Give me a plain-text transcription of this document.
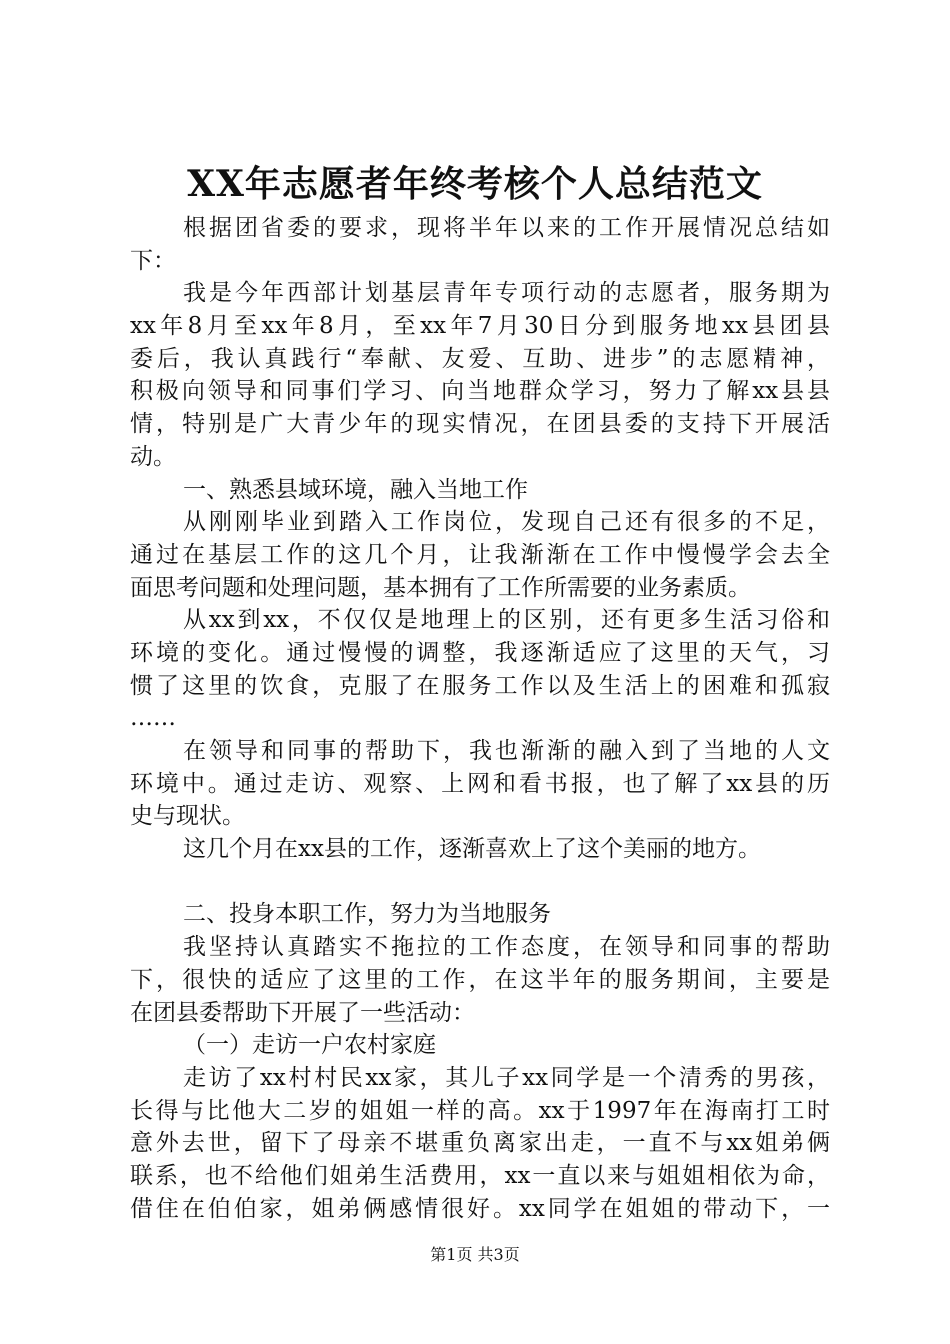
XX年志愿者年终考核个人总结范文
根据团省委的要求，现将半年以来的工作开展情况总结如
下：
我是今年西部计划基层青年专项行动的志愿者，服务期为
xx年8月至xx年8月，至xx年7月30日分到服务地xx县团县
委后，我认真践行“奉献、友爱、互助、进步”的志愿精神，
积极向领导和同事们学习、向当地群众学习，努力了解xx县县
情，特别是广大青少年的现实情况，在团县委的支持下开展活
动。
一、熟悉县域环境，融入当地工作
从刚刚毕业到踏入工作岗位，发现自己还有很多的不足，
通过在基层工作的这几个月，让我渐渐在工作中慢慢学会去全
面思考问题和处理问题，基本拥有了工作所需要的业务素质。
从xx到xx，不仅仅是地理上的区别，还有更多生活习俗和
环境的变化。通过慢慢的调整，我逐渐适应了这里的天气，习
惯了这里的饮食，克服了在服务工作以及生活上的困难和孤寂
……
在领导和同事的帮助下，我也渐渐的融入到了当地的人文
环境中。通过走访、观察、上网和看书报，也了解了xx县的历
史与现状。
这几个月在xx县的工作，逐渐喜欢上了这个美丽的地方。
二、投身本职工作，努力为当地服务
我坚持认真踏实不拖拉的工作态度，在领导和同事的帮助
下，很快的适应了这里的工作，在这半年的服务期间，主要是
在团县委帮助下开展了一些活动：
（一）走访一户农村家庭
走访了xx村村民xx家，其儿子xx同学是一个清秀的男孩，
长得与比他大二岁的姐姐一样的高。xx于1997年在海南打工时
意外去世，留下了母亲不堪重负离家出走，一直不与xx姐弟俩
联系，也不给他们姐弟生活费用，xx一直以来与姐姐相依为命，
借住在伯伯家，姐弟俩感情很好。xx同学在姐姐的带动下，一
第1页 共3页
